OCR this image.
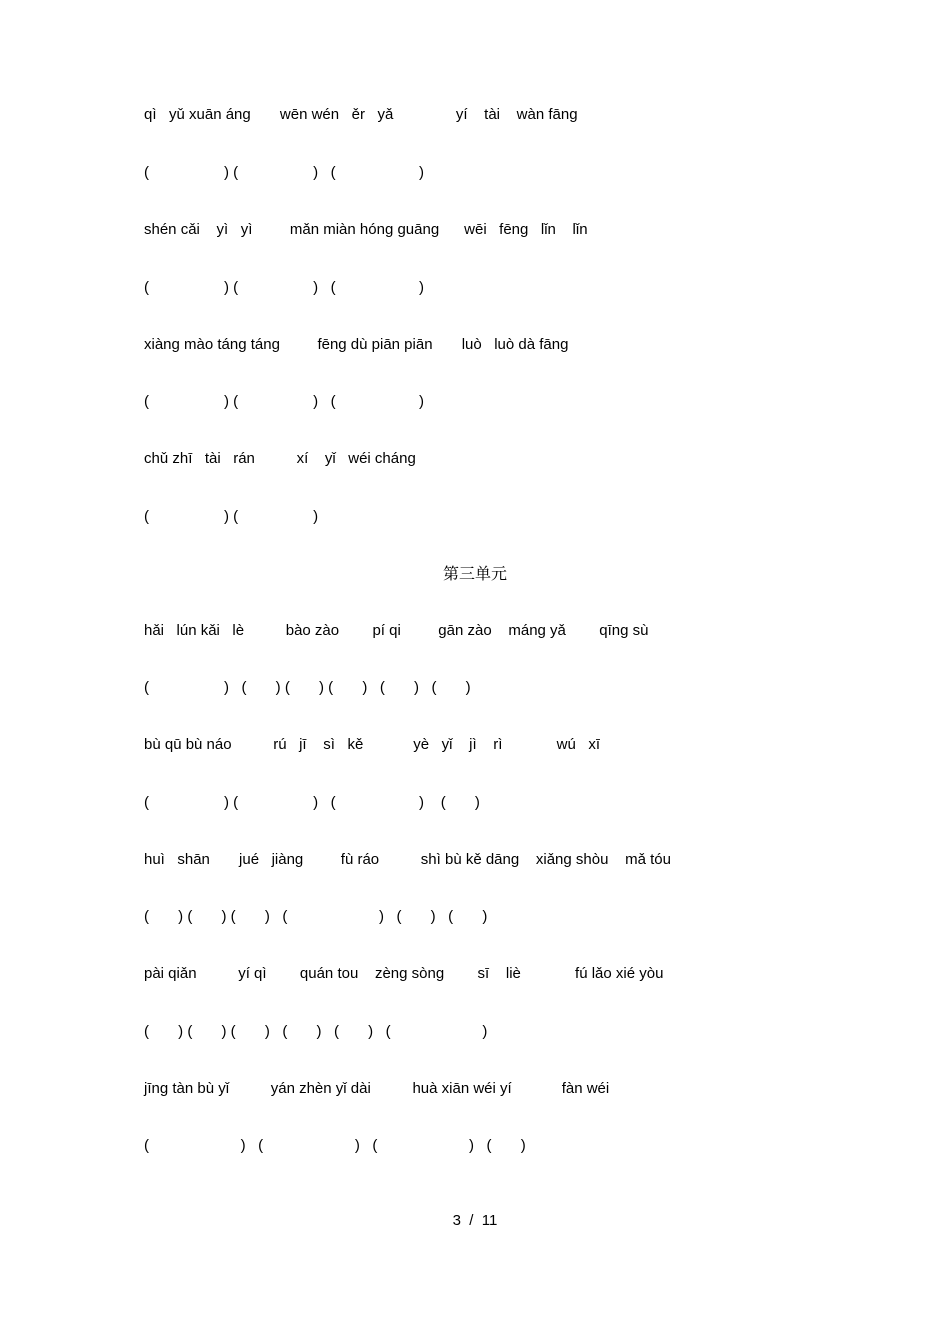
qì   yǔ xuān áng       wēn wén   ěr   yǎ               yí    tài    wàn fāng
(                  ) (                  )   (                    )
shén cǎi    yì   yì         mǎn miàn hóng guāng      wēi   fēng   lǐn    lǐn
(                  ) (                  )   (                    )
xiàng mào táng táng         fēng dù piān piān       luò   luò dà fāng
(                  ) (                  )   (                    )
chǔ zhī   tài   rán          xí    yǐ   wéi cháng
(                  ) (                  )
第三单元
hǎi   lún kǎi   lè          bào zào        pí qi         gān zào    máng yǎ        qīng sù
(                  )   (       ) (       ) (       )   (       )   (       )
bù qū bù náo          rú   jī    sì   kě            yè   yǐ    jì    rì             wú   xī
(                  ) (                  )   (                    )    (       )
huì   shān       jué   jiàng         fù ráo          shì bù kě dāng    xiǎng shòu    mǎ tóu
(       ) (       ) (       )   (                      )   (       )   (       )
pài qiǎn          yí qì        quán tou    zèng sòng        sī    liè             fú lǎo xié yòu
(       ) (       ) (       )   (       )   (       )   (                      )
jīng tàn bù yǐ          yán zhèn yǐ dài          huà xiān wéi yí            fàn wéi
(                      )   (                      )   (                      )   (       )
3  /  11
